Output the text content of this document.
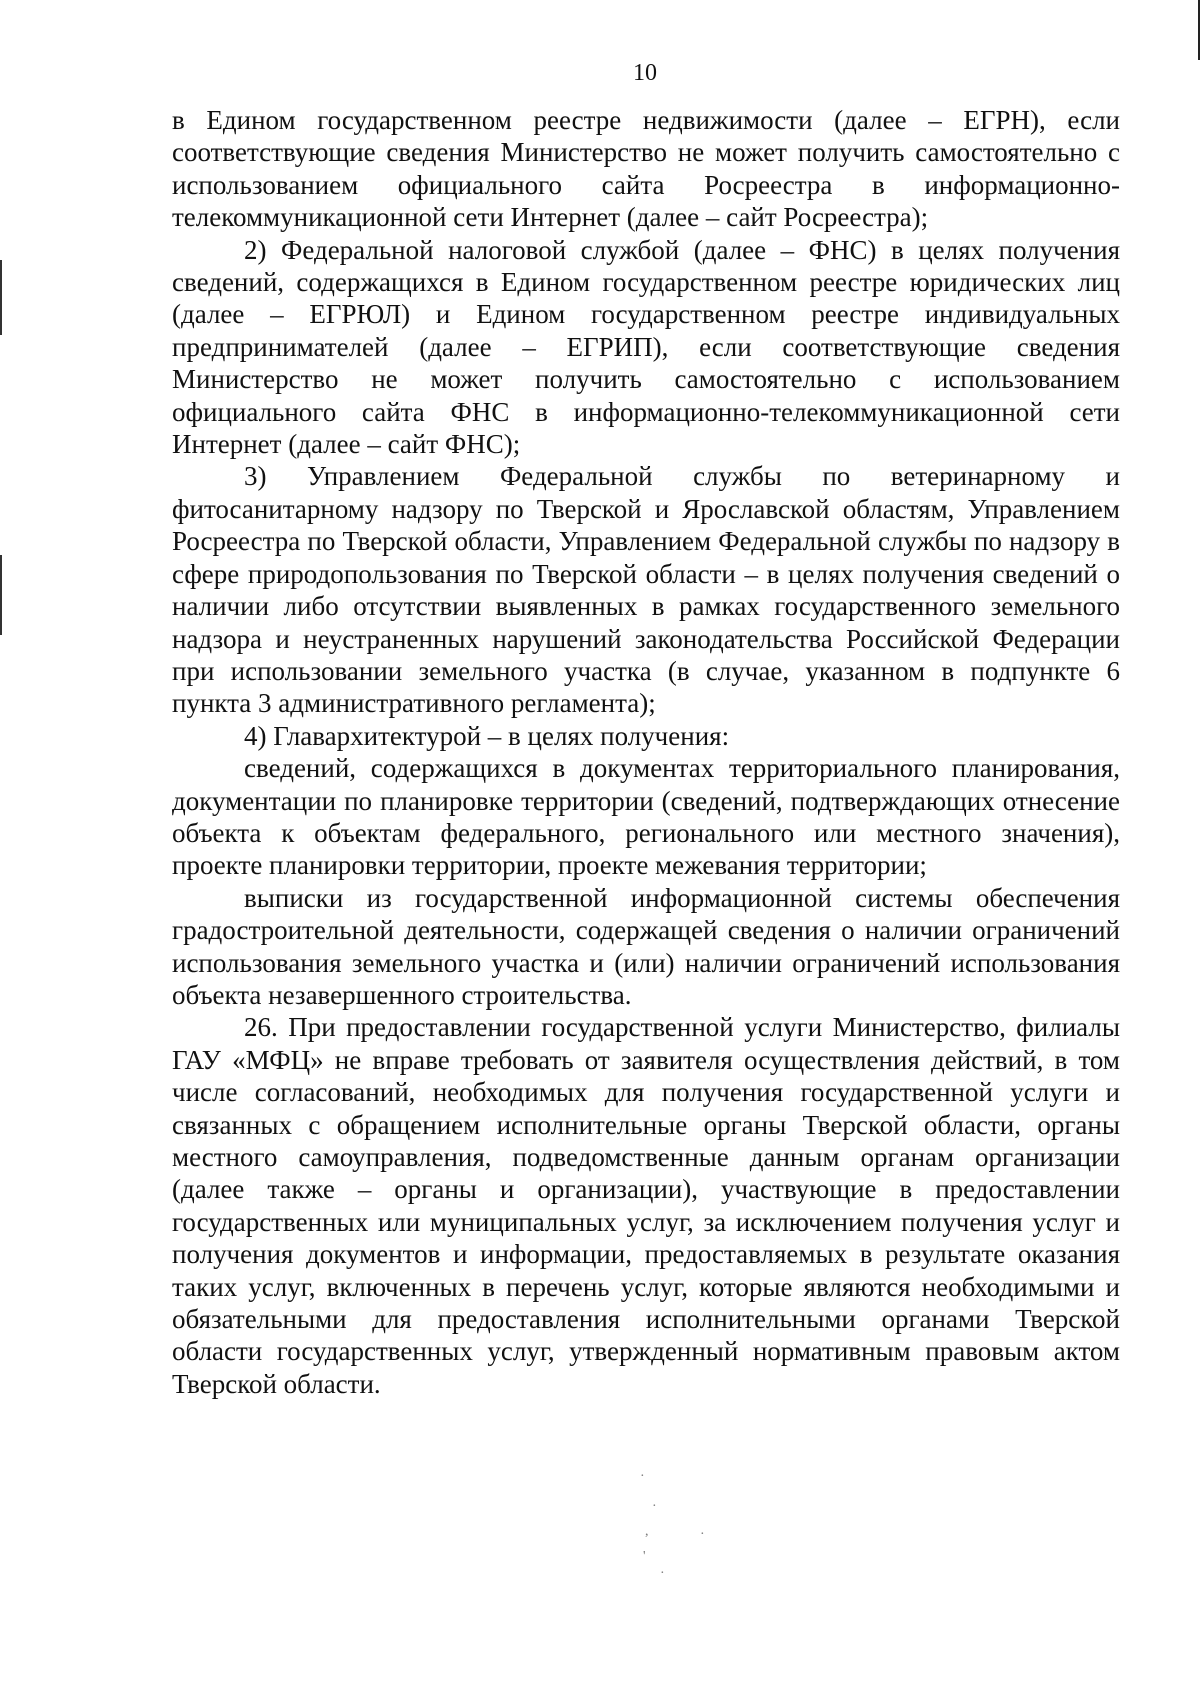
10

в Едином государственном реестре недвижимости (далее – ЕГРН), если соответствующие сведения Министерство не может получить самостоятельно с использованием официального сайта Росреестра в информационно-телекоммуникационной сети Интернет (далее – сайт Росреестра);

2) Федеральной налоговой службой (далее – ФНС) в целях получения сведений, содержащихся в Едином государственном реестре юридических лиц (далее – ЕГРЮЛ) и Едином государственном реестре индивидуальных предпринимателей (далее – ЕГРИП), если соответствующие сведения Министерство не может получить самостоятельно с использованием официального сайта ФНС в информационно-телекоммуникационной сети Интернет (далее – сайт ФНС);

3) Управлением Федеральной службы по ветеринарному и фитосанитарному надзору по Тверской и Ярославской областям, Управлением Росреестра по Тверской области, Управлением Федеральной службы по надзору в сфере природопользования по Тверской области – в целях получения сведений о наличии либо отсутствии выявленных в рамках государственного земельного надзора и неустраненных нарушений законодательства Российской Федерации при использовании земельного участка (в случае, указанном в подпункте 6 пункта 3 административного регламента);

4) Главархитектурой – в целях получения:

сведений, содержащихся в документах территориального планирования, документации по планировке территории (сведений, подтверждающих отнесение объекта к объектам федерального, регионального или местного значения), проекте планировки территории, проекте межевания территории;

выписки из государственной информационной системы обеспечения градостроительной деятельности, содержащей сведения о наличии ограничений использования земельного участка и (или) наличии ограничений использования объекта незавершенного строительства.

26. При предоставлении государственной услуги Министерство, филиалы ГАУ «МФЦ» не вправе требовать от заявителя осуществления действий, в том числе согласований, необходимых для получения государственной услуги и связанных с обращением исполнительные органы Тверской области, органы местного самоуправления, подведомственные данным органам организации (далее также – органы и организации), участвующие в предоставлении государственных или муниципальных услуг, за исключением получения услуг и получения документов и информации, предоставляемых в результате оказания таких услуг, включенных в перечень услуг, которые являются необходимыми и обязательными для предоставления исполнительными органами Тверской области государственных услуг, утвержденный нормативным правовым актом Тверской области.

·
·
,	·
'
·
